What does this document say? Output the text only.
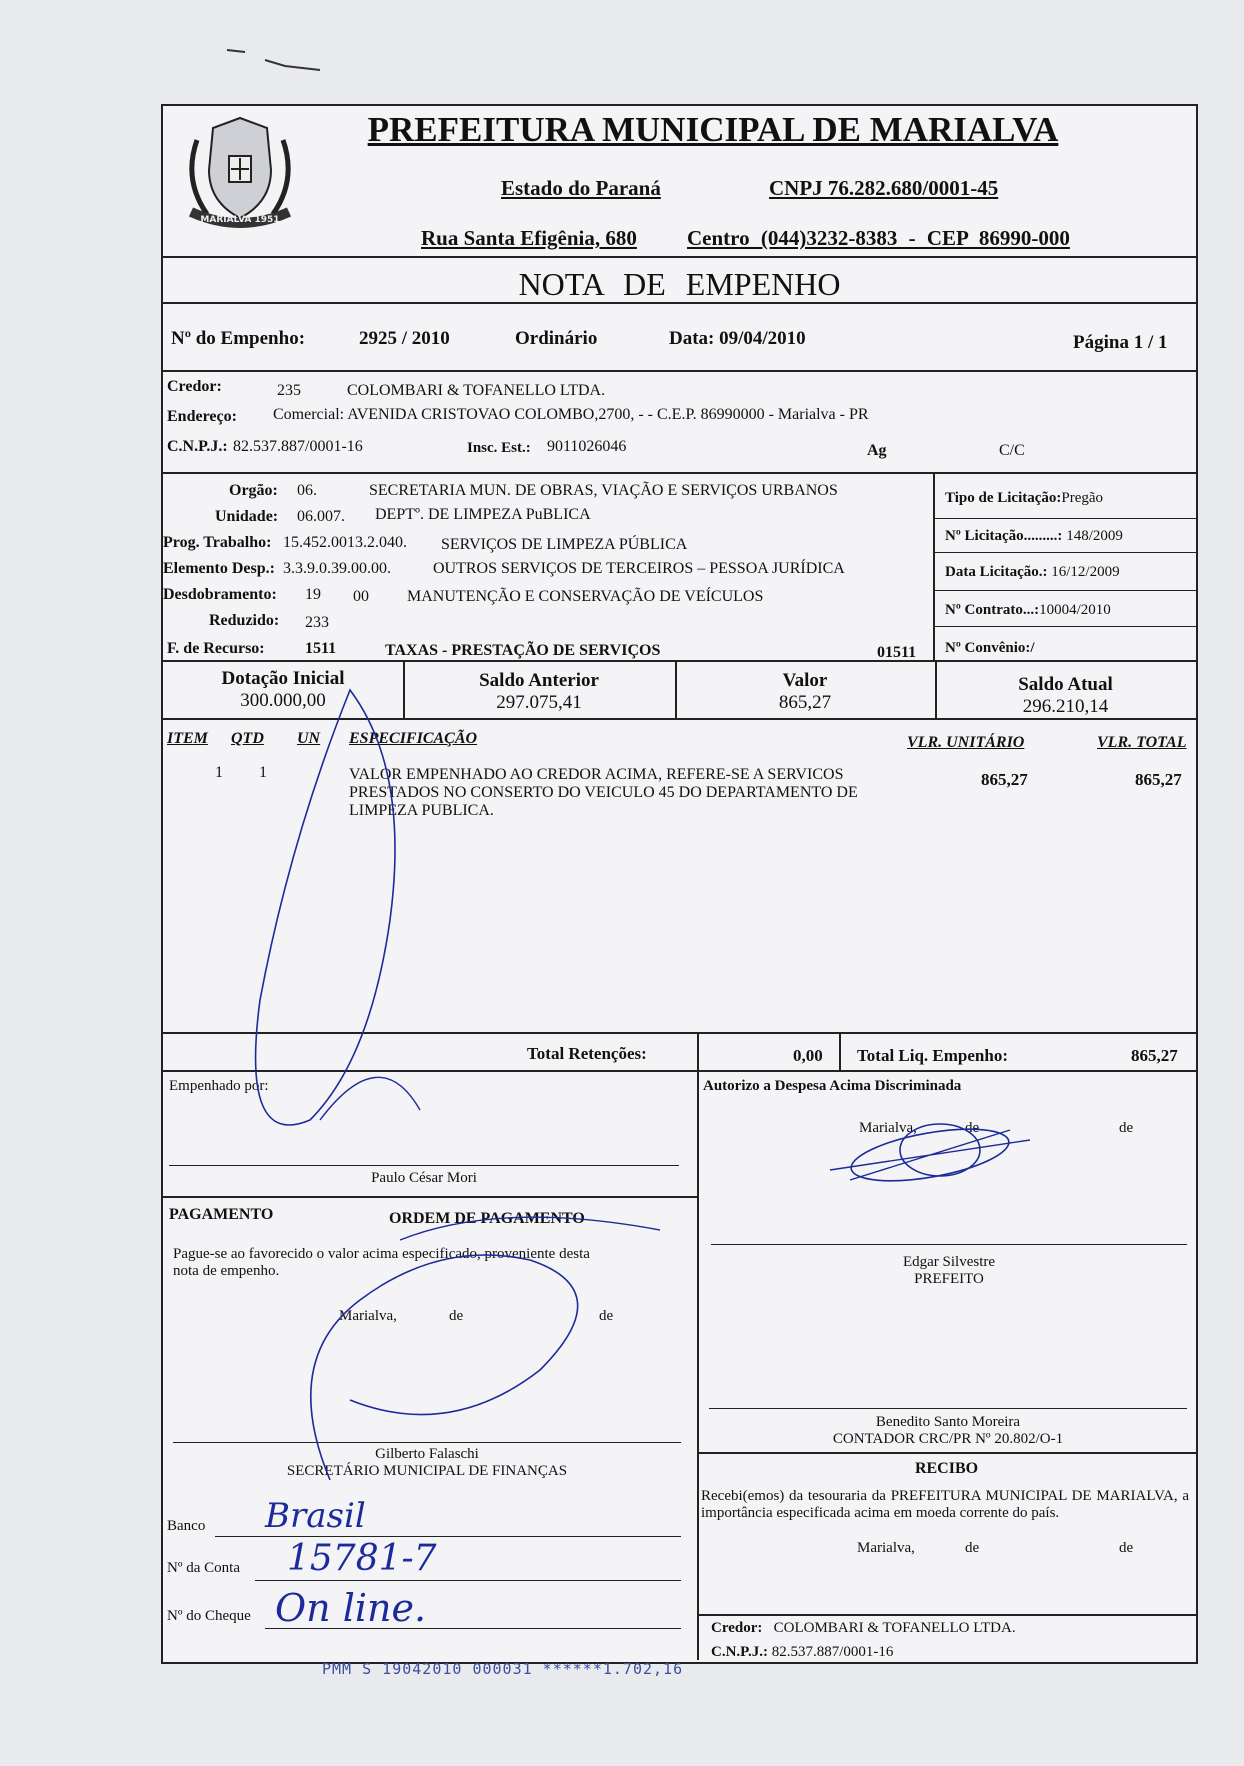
MARIALVA 1951
PREFEITURA MUNICIPAL DE MARIALVA
Estado do Paraná	CNPJ 76.282.680/0001-45
Rua Santa Efigênia, 680 Centro (044)3232-8383 - CEP 86990-000
NOTA DE EMPENHO
Nº do Empenho:	2925 / 2010	Ordinário	Data: 09/04/2010	Página 1 / 1
Credor:	235	COLOMBARI & TOFANELLO LTDA.
Endereço: Comercial: AVENIDA CRISTOVAO COLOMBO,2700, - - C.E.P. 86990000 - Marialva - PR
C.N.P.J.: 82.537.887/0001-16	Insc. Est.: 9011026046	Ag	C/C
Orgão: 06.	SECRETARIA MUN. DE OBRAS, VIAÇÃO E SERVIÇOS URBANOS
Unidade: 06.007. DEPTº. DE LIMPEZA PuBLICA
Prog. Trabalho: 15.452.0013.2.040. SERVIÇOS DE LIMPEZA PÚBLICA
Elemento Desp.: 3.3.9.0.39.00.00.	OUTROS SERVIÇOS DE TERCEIROS – PESSOA JURÍDICA
Desdobramento: 19 00 MANUTENÇÃO E CONSERVAÇÃO DE VEÍCULOS
Reduzido: 233
F. de Recurso:	1511	TAXAS - PRESTAÇÃO DE SERVIÇOS	01511
Tipo de Licitação:Pregão
Nº Licitação.........: 148/2009
Data Licitação.: 16/12/2009
Nº Contrato...:10004/2010
Nº Convênio:/
Dotação Inicial
300.000,00
Saldo Anterior
297.075,41
Valor
865,27
Saldo Atual
296.210,14
ITEM QTD UN ESPECIFICAÇÃO	VLR. UNITÁRIO	VLR. TOTAL
1 1	VALOR EMPENHADO AO CREDOR ACIMA, REFERE-SE A SERVICOS
PRESTADOS NO CONSERTO DO VEICULO 45 DO DEPARTAMENTO DE
LIMPEZA PUBLICA.
865,27	865,27
Total Retenções:	0,00 Total Liq. Empenho:	865,27
Empenhado por:
Paulo César Mori
Autorizo a Despesa Acima Discriminada
Marialva,	de	de
Edgar Silvestre
PREFEITO
PAGAMENTO	ORDEM DE PAGAMENTO
Pague-se ao favorecido o valor acima especificado, proveniente desta
nota de empenho.
Marialva,	de	de
Gilberto Falaschi
SECRETÁRIO MUNICIPAL DE FINANÇAS
Benedito Santo Moreira
CONTADOR CRC/PR Nº 20.802/O-1
RECIBO
Recebi(emos) da tesouraria da PREFEITURA MUNICIPAL DE MARIALVA, a importância especificada acima em moeda corrente do país.
Marialva,	de	de
Credor: COLOMBARI & TOFANELLO LTDA.
C.N.P.J.: 82.537.887/0001-16
Banco Brasil
Nº da Conta 15781-7
Nº do Cheque On line.
PMM S 19042010 000031 ******1.702,16
